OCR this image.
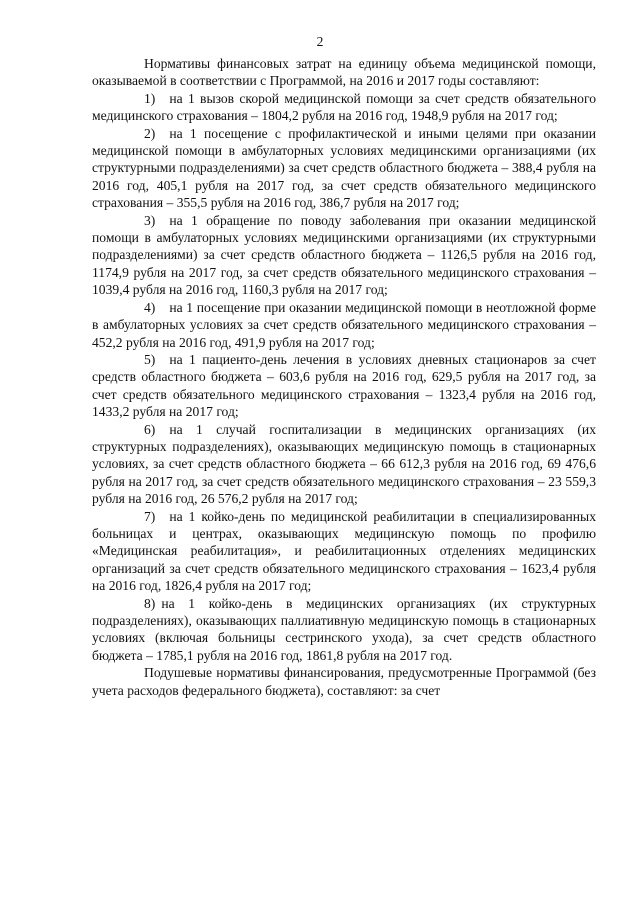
2

Нормативы финансовых затрат на единицу объема медицинской помощи, оказываемой в соответствии с Программой, на 2016 и 2017 годы составляют:

1) на 1 вызов скорой медицинской помощи за счет средств обязательного медицинского страхования – 1804,2 рубля на 2016 год, 1948,9 рубля на 2017 год;

2) на 1 посещение с профилактической и иными целями при оказании медицинской помощи в амбулаторных условиях медицинскими организациями (их структурными подразделениями) за счет средств областного бюджета – 388,4 рубля на 2016 год, 405,1 рубля на 2017 год, за счет средств обязательного медицинского страхования – 355,5 рубля на 2016 год, 386,7 рубля на 2017 год;

3) на 1 обращение по поводу заболевания при оказании медицинской помощи в амбулаторных условиях медицинскими организациями (их структурными подразделениями) за счет средств областного бюджета – 1126,5 рубля на 2016 год, 1174,9 рубля на 2017 год, за счет средств обязательного медицинского страхования – 1039,4 рубля на 2016 год, 1160,3 рубля на 2017 год;

4) на 1 посещение при оказании медицинской помощи в неотложной форме в амбулаторных условиях за счет средств обязательного медицинского страхования – 452,2 рубля на 2016 год, 491,9 рубля на 2017 год;

5) на 1 пациенто-день лечения в условиях дневных стационаров за счет средств областного бюджета – 603,6 рубля на 2016 год, 629,5 рубля на 2017 год, за счет средств обязательного медицинского страхования – 1323,4 рубля на 2016 год, 1433,2 рубля на 2017 год;

6) на 1 случай госпитализации в медицинских организациях (их структурных подразделениях), оказывающих медицинскую помощь в стационарных условиях, за счет средств областного бюджета – 66 612,3 рубля на 2016 год, 69 476,6 рубля на 2017 год, за счет средств обязательного медицинского страхования – 23 559,3 рубля на 2016 год, 26 576,2 рубля на 2017 год;

7) на 1 койко-день по медицинской реабилитации в специализированных больницах и центрах, оказывающих медицинскую помощь по профилю «Медицинская реабилитация», и реабилитационных отделениях медицинских организаций за счет средств обязательного медицинского страхования – 1623,4 рубля на 2016 год, 1826,4 рубля на 2017 год;

8) на 1 койко-день в медицинских организациях (их структурных подразделениях), оказывающих паллиативную медицинскую помощь в стационарных условиях (включая больницы сестринского ухода), за счет средств областного бюджета – 1785,1 рубля на 2016 год, 1861,8 рубля на 2017 год.

Подушевые нормативы финансирования, предусмотренные Программой (без учета расходов федерального бюджета), составляют: за счет
